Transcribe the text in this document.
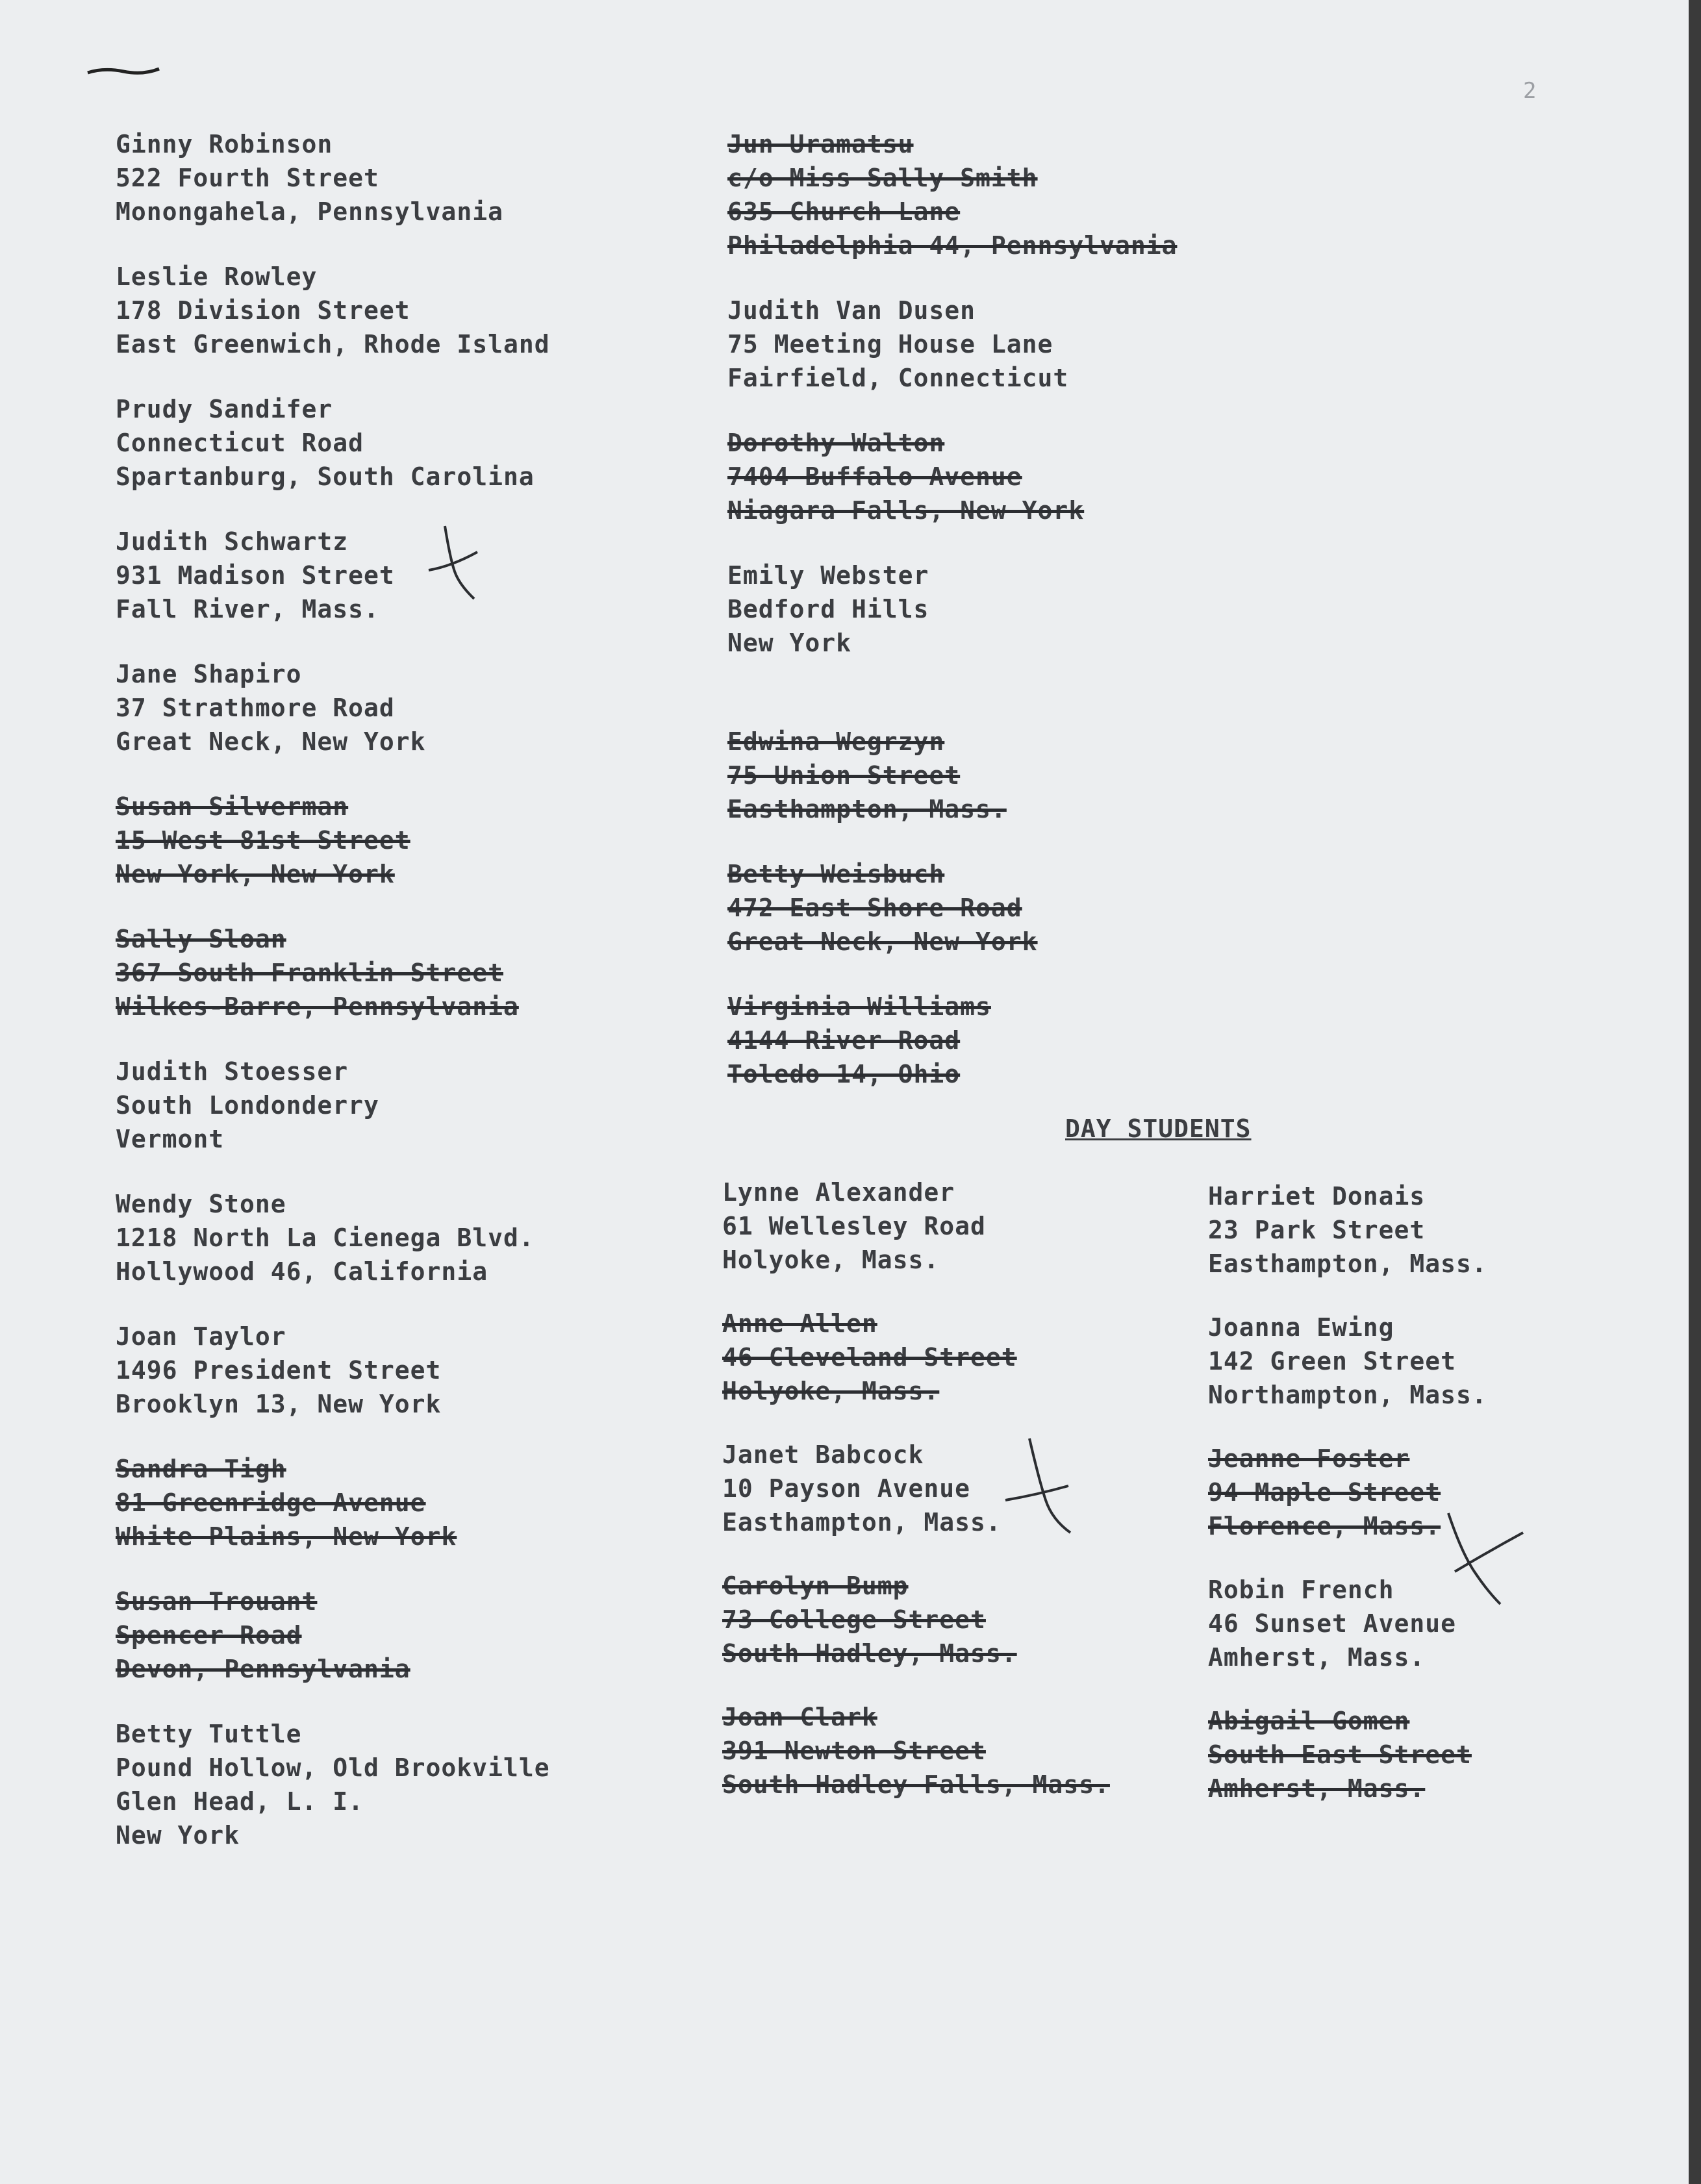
2
Ginny Robinson
522 Fourth Street
Monongahela, Pennsylvania
Leslie Rowley
178 Division Street
East Greenwich, Rhode Island
Prudy Sandifer
Connecticut Road
Spartanburg, South Carolina
Judith Schwartz
931 Madison Street
Fall River, Mass.
Jane Shapiro
37 Strathmore Road
Great Neck, New York
Susan Silverman
15 West 81st Street
New York, New York
Sally Sloan
367 South Franklin Street
Wilkes-Barre, Pennsylvania
Judith Stoesser
South Londonderry
Vermont
Wendy Stone
1218 North La Cienega Blvd.
Hollywood 46, California
Joan Taylor
1496 President Street
Brooklyn 13, New York
Sandra Tigh
81 Greenridge Avenue
White Plains, New York
Susan Trouant
Spencer Road
Devon, Pennsylvania
Betty Tuttle
Pound Hollow, Old Brookville
Glen Head, L. I.
New York
Jun Uramatsu
c/o Miss Sally Smith
635 Church Lane
Philadelphia 44, Pennsylvania
Judith Van Dusen
75 Meeting House Lane
Fairfield, Connecticut
Dorothy Walton
7404 Buffalo Avenue
Niagara Falls, New York
Emily Webster
Bedford Hills
New York
Edwina Wegrzyn
75 Union Street
Easthampton, Mass.
Betty Weisbuch
472 East Shore Road
Great Neck, New York
Virginia Williams
4144 River Road
Toledo 14, Ohio
DAY STUDENTS
Lynne Alexander
61 Wellesley Road
Holyoke, Mass.
Anne Allen
46 Cleveland Street
Holyoke, Mass.
Janet Babcock
10 Payson Avenue
Easthampton, Mass.
Carolyn Bump
73 College Street
South Hadley, Mass.
Joan Clark
391 Newton Street
South Hadley Falls, Mass.
Harriet Donais
23 Park Street
Easthampton, Mass.
Joanna Ewing
142 Green Street
Northampton, Mass.
Jeanne Foster
94 Maple Street
Florence, Mass.
Robin French
46 Sunset Avenue
Amherst, Mass.
Abigail Gomen
South East Street
Amherst, Mass.
